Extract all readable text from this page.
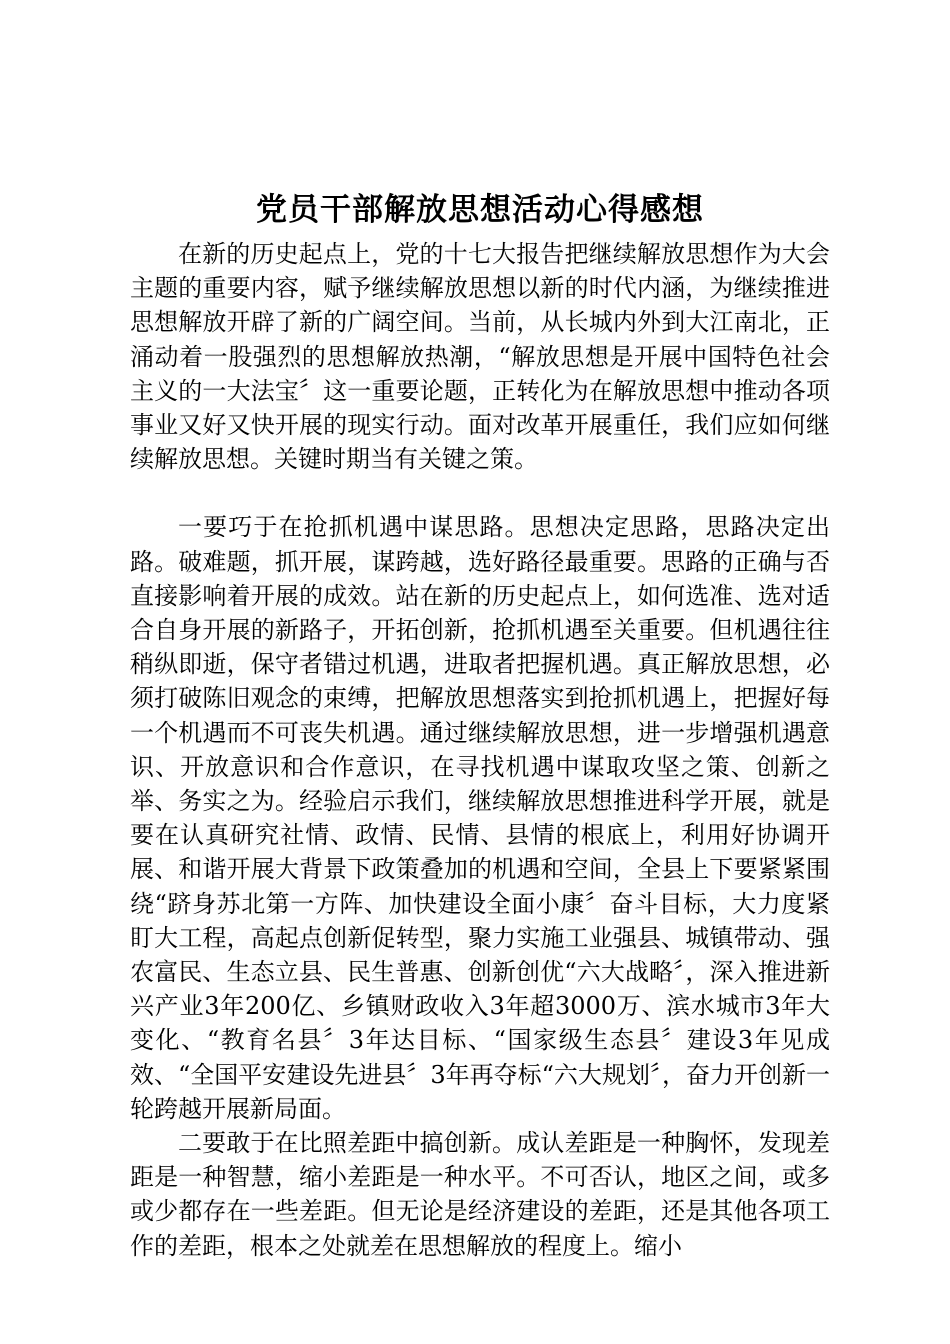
党员干部解放思想活动心得感想

在新的历史起点上，党的十七大报告把继续解放思想作为大会主题的重要内容，赋予继续解放思想以新的时代内涵，为继续推进思想解放开辟了新的广阔空间。当前，从长城内外到大江南北，正涌动着一股强烈的思想解放热潮，“解放思想是开展中国特色社会主义的一大法宝〞这一重要论题，正转化为在解放思想中推动各项事业又好又快开展的现实行动。面对改革开展重任，我们应如何继续解放思想。关键时期当有关键之策。

一要巧于在抢抓机遇中谋思路。思想决定思路，思路决定出路。破难题，抓开展，谋跨越，选好路径最重要。思路的正确与否直接影响着开展的成效。站在新的历史起点上，如何选准、选对适合自身开展的新路子，开拓创新，抢抓机遇至关重要。但机遇往往稍纵即逝，保守者错过机遇，进取者把握机遇。真正解放思想，必须打破陈旧观念的束缚，把解放思想落实到抢抓机遇上，把握好每一个机遇而不可丧失机遇。通过继续解放思想，进一步增强机遇意识、开放意识和合作意识，在寻找机遇中谋取攻坚之策、创新之举、务实之为。经验启示我们，继续解放思想推进科学开展，就是要在认真研究社情、政情、民情、县情的根底上，利用好协调开展、和谐开展大背景下政策叠加的机遇和空间，全县上下要紧紧围绕“跻身苏北第一方阵、加快建设全面小康〞奋斗目标，大力度紧盯大工程，高起点创新促转型，聚力实施工业强县、城镇带动、强农富民、生态立县、民生普惠、创新创优“六大战略〞，深入推进新兴产业3年200亿、乡镇财政收入3年超3000万、滨水城市3年大变化、“教育名县〞3年达目标、“国家级生态县〞建设3年见成效、“全国平安建设先进县〞3年再夺标“六大规划〞，奋力开创新一轮跨越开展新局面。

二要敢于在比照差距中搞创新。成认差距是一种胸怀，发现差距是一种智慧，缩小差距是一种水平。不可否认，地区之间，或多或少都存在一些差距。但无论是经济建设的差距，还是其他各项工作的差距，根本之处就差在思想解放的程度上。缩小
